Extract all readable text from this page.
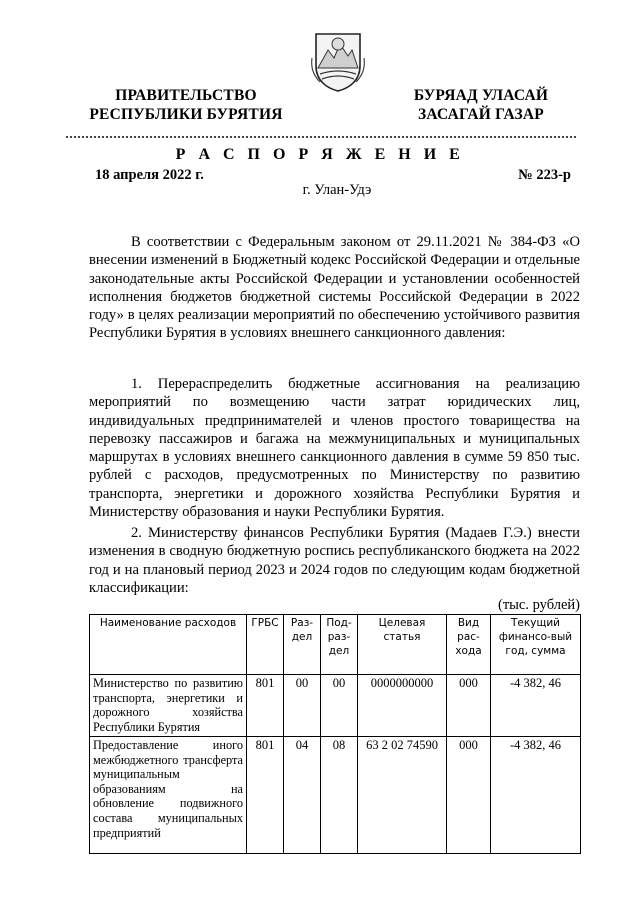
ПРАВИТЕЛЬСТВО
РЕСПУБЛИКИ БУРЯТИЯ
БУРЯАД УЛАСАЙ
ЗАСАГАЙ ГАЗАР
Р А С П О Р Я Ж Е Н И Е
18 апреля 2022 г.	№ 223-р
г. Улан-Удэ
В соответствии с Федеральным законом от 29.11.2021 № 384-ФЗ «О внесении изменений в Бюджетный кодекс Российской Федерации и отдельные законодательные акты Российской Федерации и установлении особенностей исполнения бюджетов бюджетной системы Российской Федерации в 2022 году» в целях реализации мероприятий по обеспечению устойчивого развития Республики Бурятия в условиях внешнего санкционного давления:
1. Перераспределить бюджетные ассигнования на реализацию мероприятий по возмещению части затрат юридических лиц, индивидуальных предпринимателей и членов простого товарищества на перевозку пассажиров и багажа на межмуниципальных и муниципальных маршрутах в условиях внешнего санкционного давления в сумме 59 850 тыс. рублей с расходов, предусмотренных по Министерству по развитию транспорта, энергетики и дорожного хозяйства Республики Бурятия и Министерству образования и науки Республики Бурятия.
2. Министерству финансов Республики Бурятия (Мадаев Г.Э.) внести изменения в сводную бюджетную роспись республиканского бюджета на 2022 год и на плановый период 2023 и 2024 годов по следующим кодам бюджетной классификации:
(тыс. рублей)
Наименование расходов	ГРБС	Раз-дел	Под-раз-дел	Целевая статья	Вид рас-хода	Текущий финансо-вый год, сумма
Министерство по развитию транспорта, энергетики и дорожного хозяйства Республики Бурятия	801	00	00	0000000000	000	-4 382, 46
Предоставление иного межбюджетного трансферта муниципальным образованиям на обновление подвижного состава муниципальных предприятий	801	04	08	63 2 02 74590	000	-4 382, 46
